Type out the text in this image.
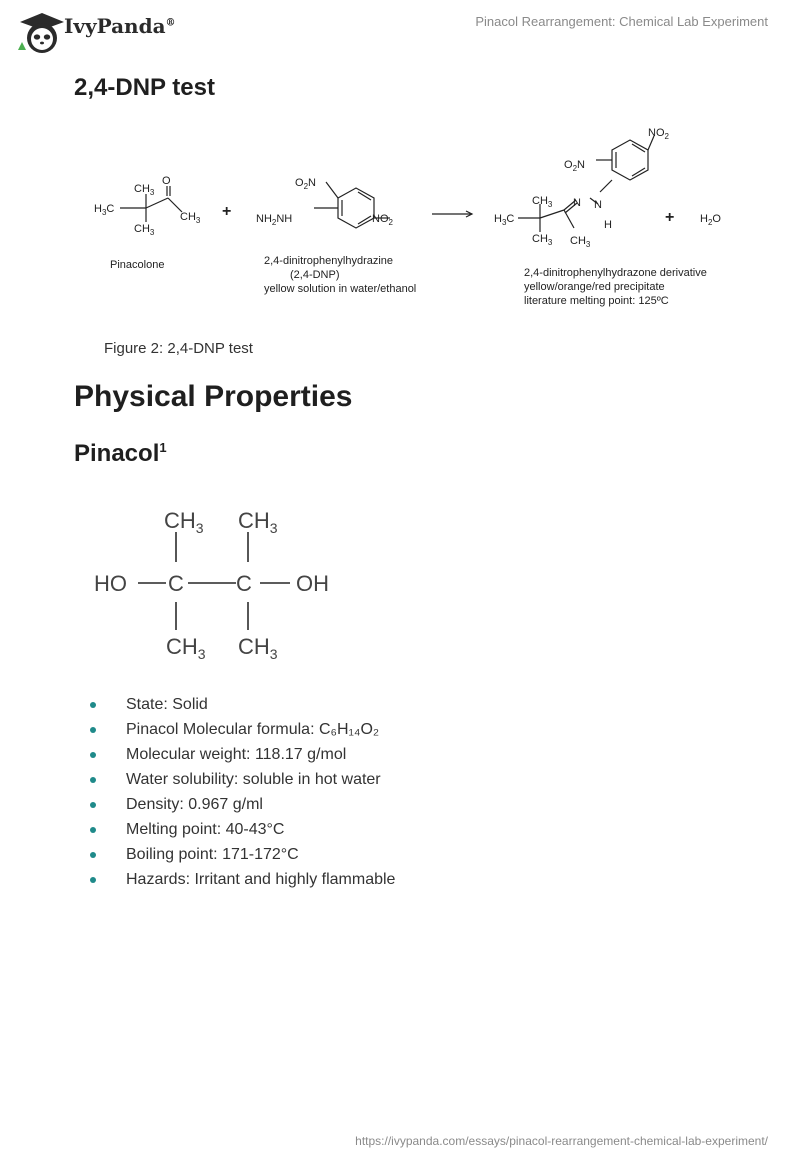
IvyPanda®	Pinacol Rearrangement: Chemical Lab Experiment
2,4-DNP test
$H_3C$
$CH_3$
O
$CH_3$
$CH_3$
Pinacolone
+ $NH_2NH$
$O_2N$
$NO_2$
2,4-dinitrophenylhydrazine
(2,4-DNP)
yellow solution in water/ethanol
$H_3C$
$CH_3$
$CH_3$ $CH_3$
N N
H
$O_2N$
$NO_2$
+ $H_2O$
2,4-dinitrophenylhydrazone derivative
yellow/orange/red precipitate
literature melting point: 125ºC
Figure 2: 2,4-DNP test
Physical Properties
Pinacol$^1$
$CH_3$ $CH_3$
HO C C OH
$CH_3$ $CH_3$
State: Solid
Pinacol Molecular formula: C₆H₁₄O₂
Molecular weight: 118.17 g/mol
Water solubility: soluble in hot water
Density: 0.967 g/ml
Melting point: 40-43°C
Boiling point: 171-172°C
Hazards: Irritant and highly flammable
https://ivypanda.com/essays/pinacol-rearrangement-chemical-lab-experiment/
